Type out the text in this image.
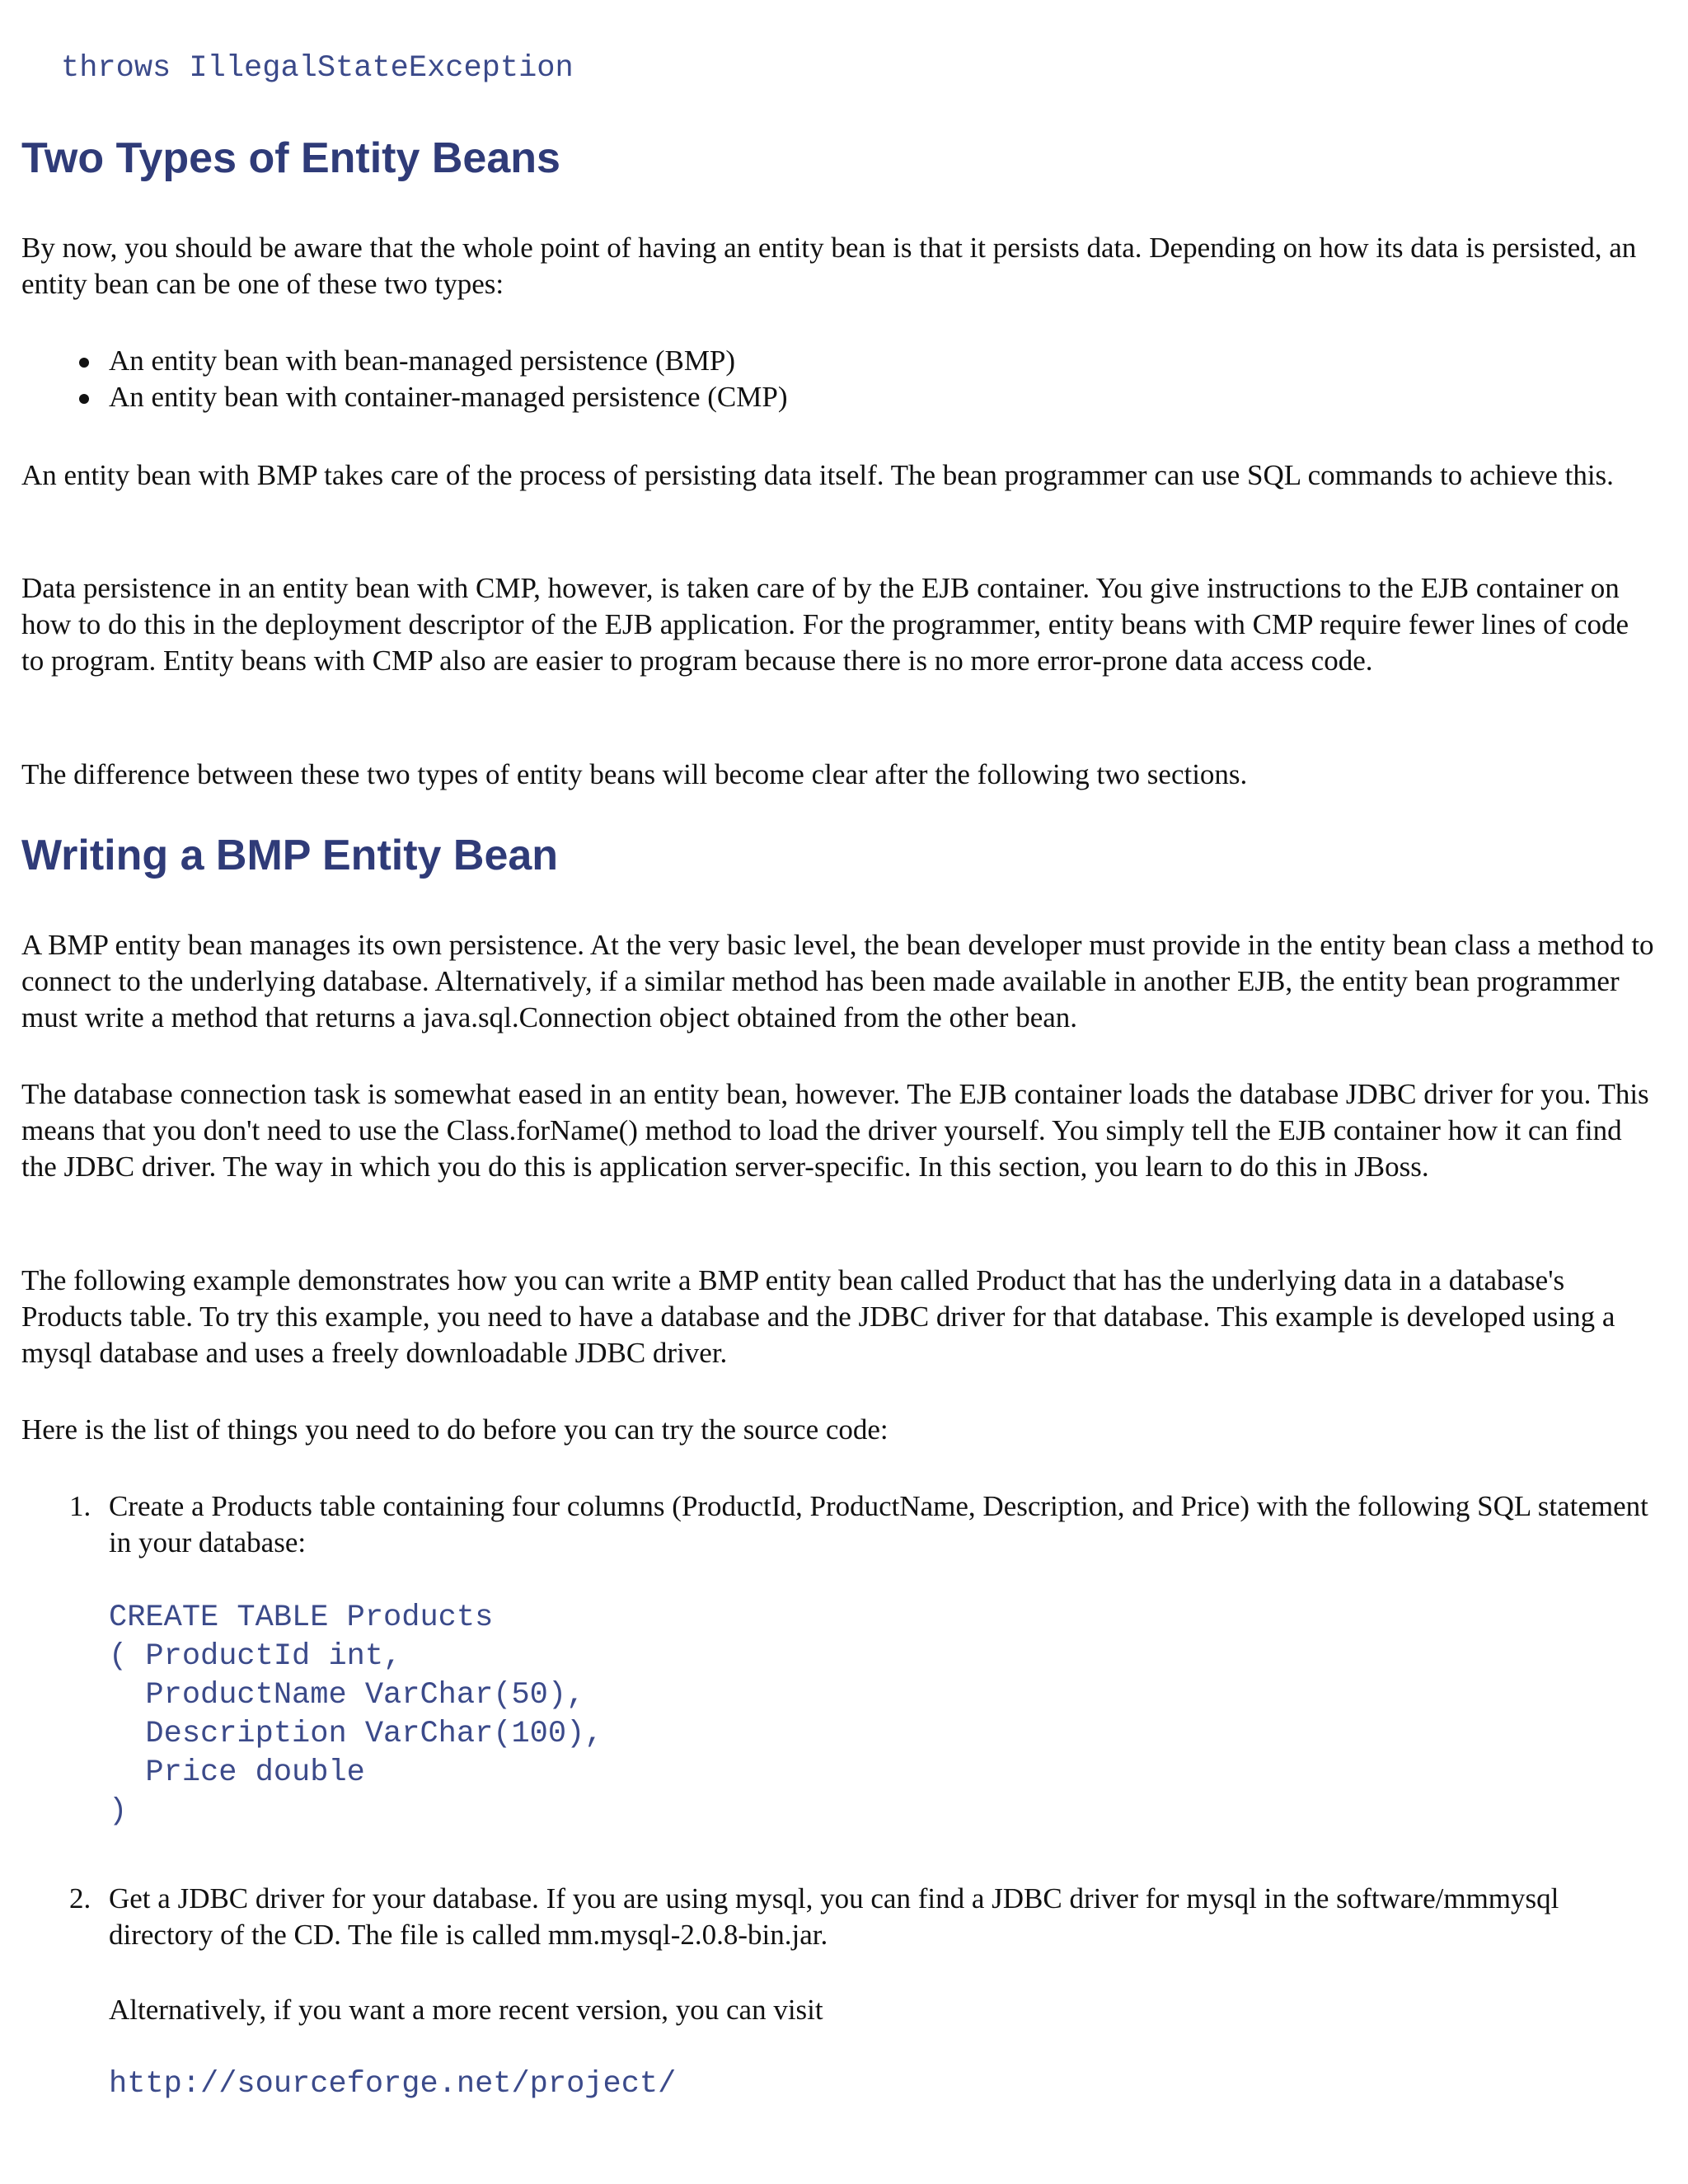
throws IllegalStateException
Two Types of Entity Beans

By now, you should be aware that the whole point of having an entity bean is that it persists data. Depending on how its data is persisted, an entity bean can be one of these two types:

An entity bean with bean-managed persistence (BMP)
An entity bean with container-managed persistence (CMP)

An entity bean with BMP takes care of the process of persisting data itself. The bean programmer can use SQL commands to achieve this.

Data persistence in an entity bean with CMP, however, is taken care of by the EJB container. You give instructions to the EJB container on how to do this in the deployment descriptor of the EJB application. For the programmer, entity beans with CMP require fewer lines of code to program. Entity beans with CMP also are easier to program because there is no more error-prone data access code.

The difference between these two types of entity beans will become clear after the following two sections.

Writing a BMP Entity Bean

A BMP entity bean manages its own persistence. At the very basic level, the bean developer must provide in the entity bean class a method to connect to the underlying database. Alternatively, if a similar method has been made available in another EJB, the entity bean programmer must write a method that returns a java.sql.Connection object obtained from the other bean.

The database connection task is somewhat eased in an entity bean, however. The EJB container loads the database JDBC driver for you. This means that you don't need to use the Class.forName() method to load the driver yourself. You simply tell the EJB container how it can find the JDBC driver. The way in which you do this is application server-specific. In this section, you learn to do this in JBoss.

The following example demonstrates how you can write a BMP entity bean called Product that has the underlying data in a database's Products table. To try this example, you need to have a database and the JDBC driver for that database. This example is developed using a mysql database and uses a freely downloadable JDBC driver.

Here is the list of things you need to do before you can try the source code:

1. Create a Products table containing four columns (ProductId, ProductName, Description, and Price) with the following SQL statement in your database:

CREATE TABLE Products
( ProductId int,
ProductName VarChar(50),
Description VarChar(100),
Price double
)
2. Get a JDBC driver for your database. If you are using mysql, you can find a JDBC driver for mysql in the software/mmmysql directory of the CD. The file is called mm.mysql-2.0.8-bin.jar.

Alternatively, if you want a more recent version, you can visit

http://sourceforge.net/project/
